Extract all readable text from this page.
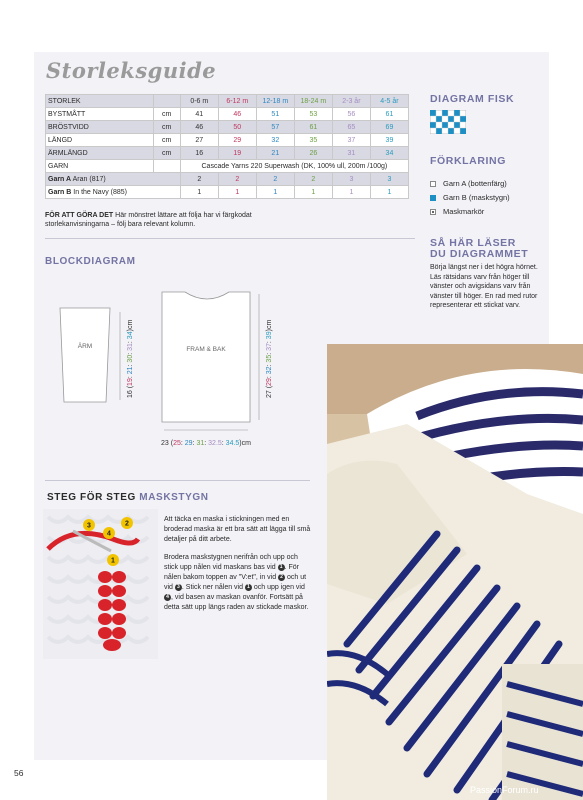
Storleksguide
STORLEK		0-6 m	6-12 m	12-18 m	18-24 m	2-3 år	4-5 år
BYSTMÅTT	cm	41	46	51	53	56	61
BRÖSTVIDD	cm	46	50	57	61	65	69
LÄNGD	cm	27	29	32	35	37	39
ÄRMLÄNGD	cm	16	19	21	26	31	34
GARN		Cascade Yarns 220 Superwash (DK, 100% ull, 200m /100g)					
Garn A Aran (817)		2	2	2	2	3	3
Garn B In the Navy (885)		1	1	1	1	1	1
FÖR ATT GÖRA DET Här mönstret lättare att följa har vi färgkodat storlekanvisningarna – följ bara relevant kolumn.
BLOCKDIAGRAM
ÄRM
16 (19: 21: 30: 31: 34)cm
FRAM & BAK
27 (29: 32: 35: 37: 39)cm
23 (25: 29: 31: 32.5: 34.5)cm
STEG FÖR STEG MASKSTYGN
3
4
2
1

Att täcka en maska i stickningen med en broderad maska är ett bra sätt att lägga till små detaljer på ditt arbete.

Brodera maskstygnen nerifrån och upp och stick upp nålen vid maskans bas vid 1 . För nålen bakom toppen av "V:et", in vid 2 och ut vid 3 . Stick ner nålen vid 1 och upp igen vid 4 , vid basen av maskan ovanför. Fortsätt på detta sätt upp längs raden av stickade maskor.

DIAGRAM FISK
FÖRKLARING
Garn A (bottenfärg)
Garn B (maskstygn)
Maskmarkör
SÅ HÄR LÄSER
DU DIAGRAMMET
Börja längst ner i det högra hörnet. Läs rätsidans varv från höger till vänster och avigsidans varv från vänster till höger. En rad med rutor representerar ett stickat varv.
56
PassionForum.ru
